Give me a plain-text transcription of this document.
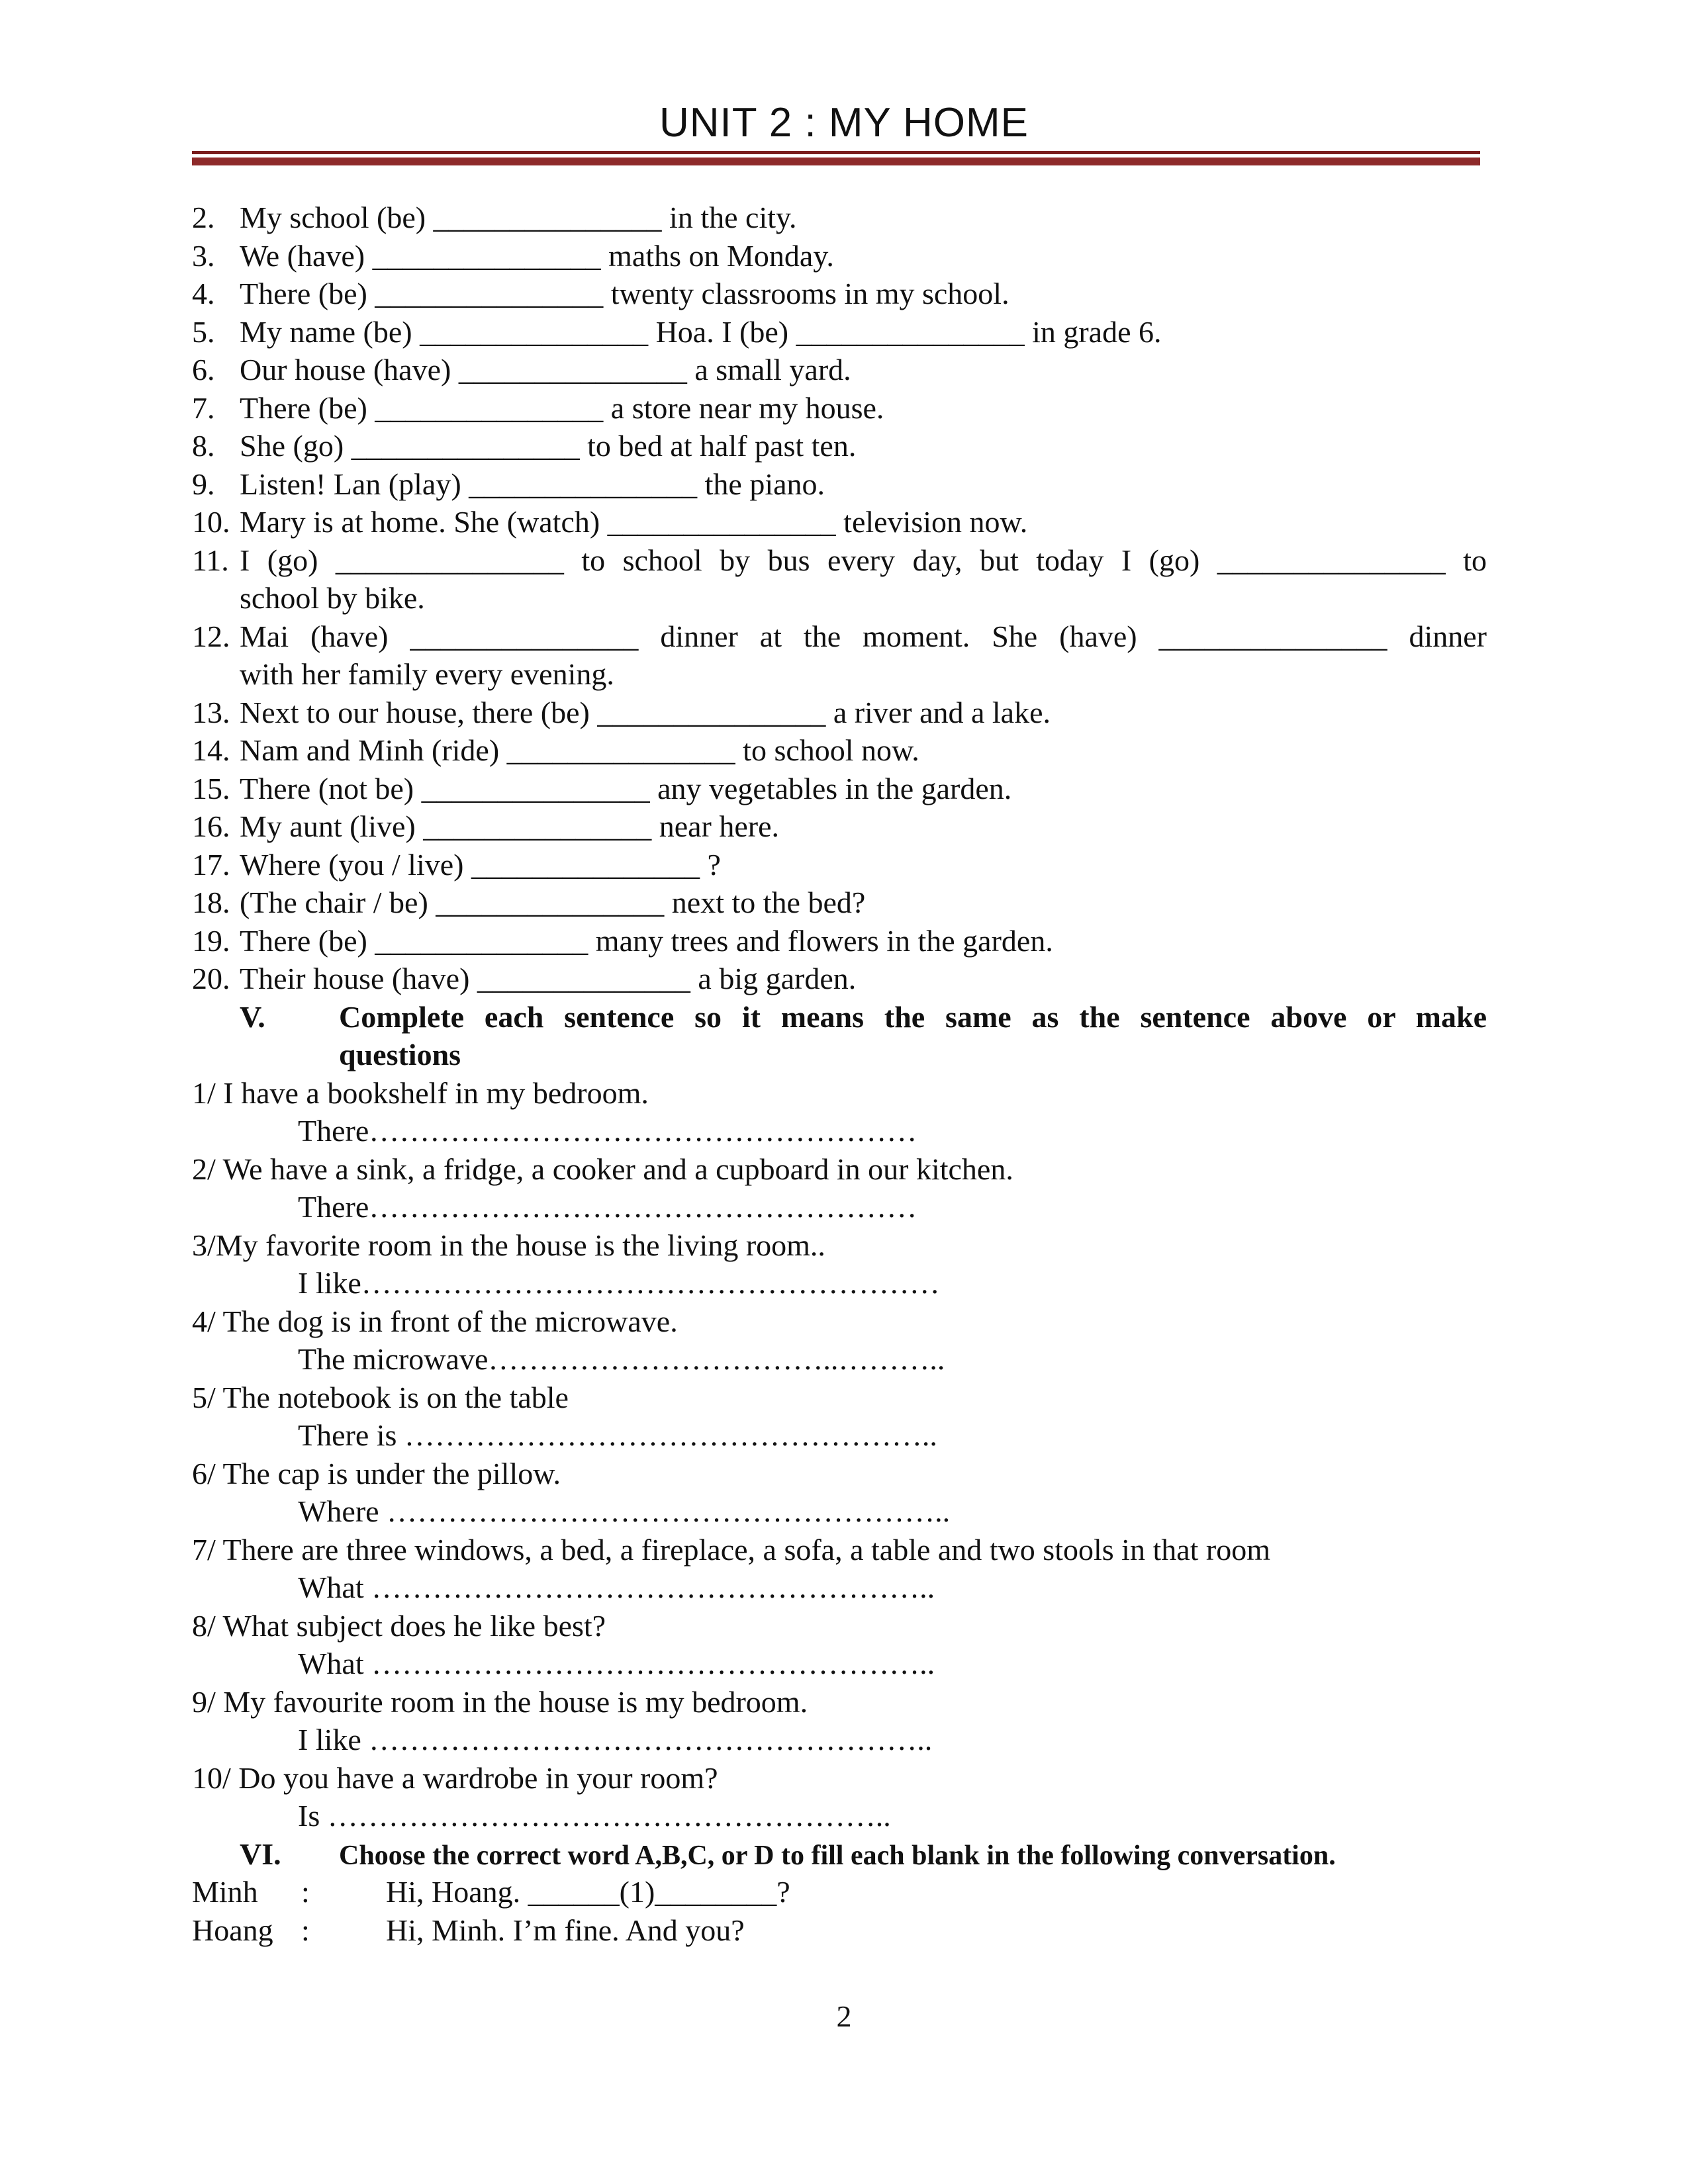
UNIT 2 : MY HOME
2. My school (be) _______________ in the city.
3. We (have) _______________ maths on Monday.
4. There (be) _______________ twenty classrooms in my school.
5. My name (be) _______________ Hoa. I (be) _______________ in grade 6.
6. Our house (have) _______________ a small yard.
7. There (be) _______________ a store near my house.
8. She (go) _______________ to bed at half past ten.
9. Listen! Lan (play) _______________ the piano.
10. Mary is at home. She (watch) _______________ television now.
11. I (go) _______________ to school by bus every day, but today I (go) _______________ to
school by bike.
12. Mai (have) _______________ dinner at the moment. She (have) _______________ dinner
with her family every evening.
13. Next to our house, there (be) _______________ a river and a lake.
14. Nam and Minh (ride) _______________ to school now.
15. There (not be) _______________ any vegetables in the garden.
16. My aunt (live) _______________ near here.
17. Where (you / live) _______________ ?
18. (The chair / be) _______________ next to the bed?
19. There (be) ______________ many trees and flowers in the garden.
20. Their house (have) ______________ a big garden.
V.	Complete each sentence so it means the same as the sentence above or make
questions
1/ I have a bookshelf in my bedroom.
There………………………………………………
2/ We have a sink, a fridge, a cooker and a cupboard in our kitchen.
There………………………………………………
3/My favorite room in the house is the living room..
I like…………………………………………………
4/ The dog is in front of the microwave.
The microwave……………………………..………..
5/ The notebook is on the table
There is ……………………………………………..
6/ The cap is under the pillow.
Where ………………………………………………..
7/ There are three windows, a bed, a fireplace, a sofa, a table and two stools in that room
What ………………………………………………..
8/ What subject does he like best?
What ………………………………………………..
9/ My favourite room in the house is my bedroom.
I like ………………………………………………..
10/ Do you have a wardrobe in your room?
Is ………………………………………………..
VI. Choose the correct word A,B,C, or D to fill each blank in the following conversation.
Minh	:	Hi, Hoang. ______(1)________?
Hoang :	Hi, Minh. I’m fine. And you?
2
